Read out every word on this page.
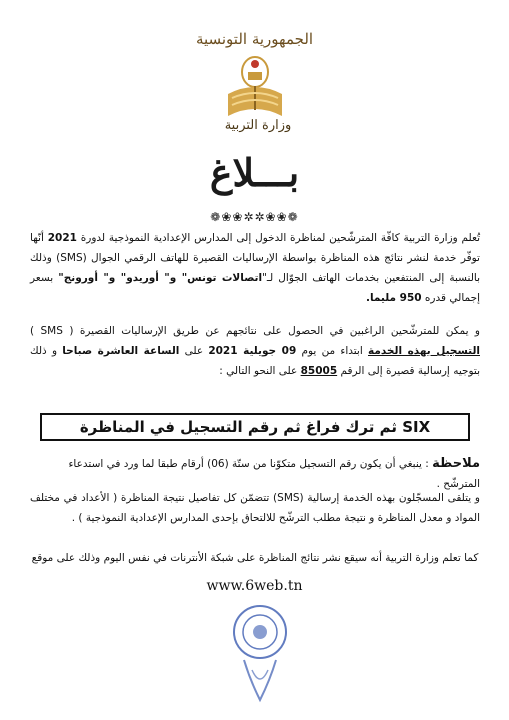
الجمهورية التونسية
وزارة التربية
بـــلاغ
❁❀❀✲✲❀❀❁
تُعلم وزارة التربية كافّة المترشّحين لمناظرة الدخول إلى المدارس الإعدادية النموذجية لدورة 2021 أنّها توفّر خدمة لنشر نتائج هذه المناظرة بواسطة الإرساليات القصيرة للهاتف الرقمي الجوال (SMS) وذلك بالنسبة إلى المنتفعين بخدمات الهاتف الجوّال لـ"اتصالات تونس" و" أوريدو" و" أورونج" بسعر إجمالي قدره 950 مليما.
و يمكن للمترشّحين الراغبين في الحصول على نتائجهم عن طريق الإرساليات القصيرة ( SMS ) التسجيل بهذه الخدمة ابتداء من يوم 09 جويلية 2021 على الساعة العاشرة صباحا و ذلك بتوجيه إرسالية قصيرة إلى الرقم 85005 على النحو التالي :
SIX ثم ترك فراغ ثم رقم التسجيل في المناظرة
ملاحظة : ينبغي أن يكون رقم التسجيل متكوّنا من ستّة (06) أرقام طبقا لما ورد في استدعاء المترشّح .
و يتلقى المسجّلون بهذه الخدمة إرسالية (SMS) تتضمّن كل تفاصيل نتيجة المناظرة ( الأعداد في مختلف المواد و معدل المناظرة و نتيجة مطلب الترشّح للالتحاق بإحدى المدارس الإعدادية النموذجية ) .
كما تعلم وزارة التربية أنه سيقع نشر نتائج المناظرة على شبكة الأنترنات في نفس اليوم وذلك على موقع
www.6web.tn
